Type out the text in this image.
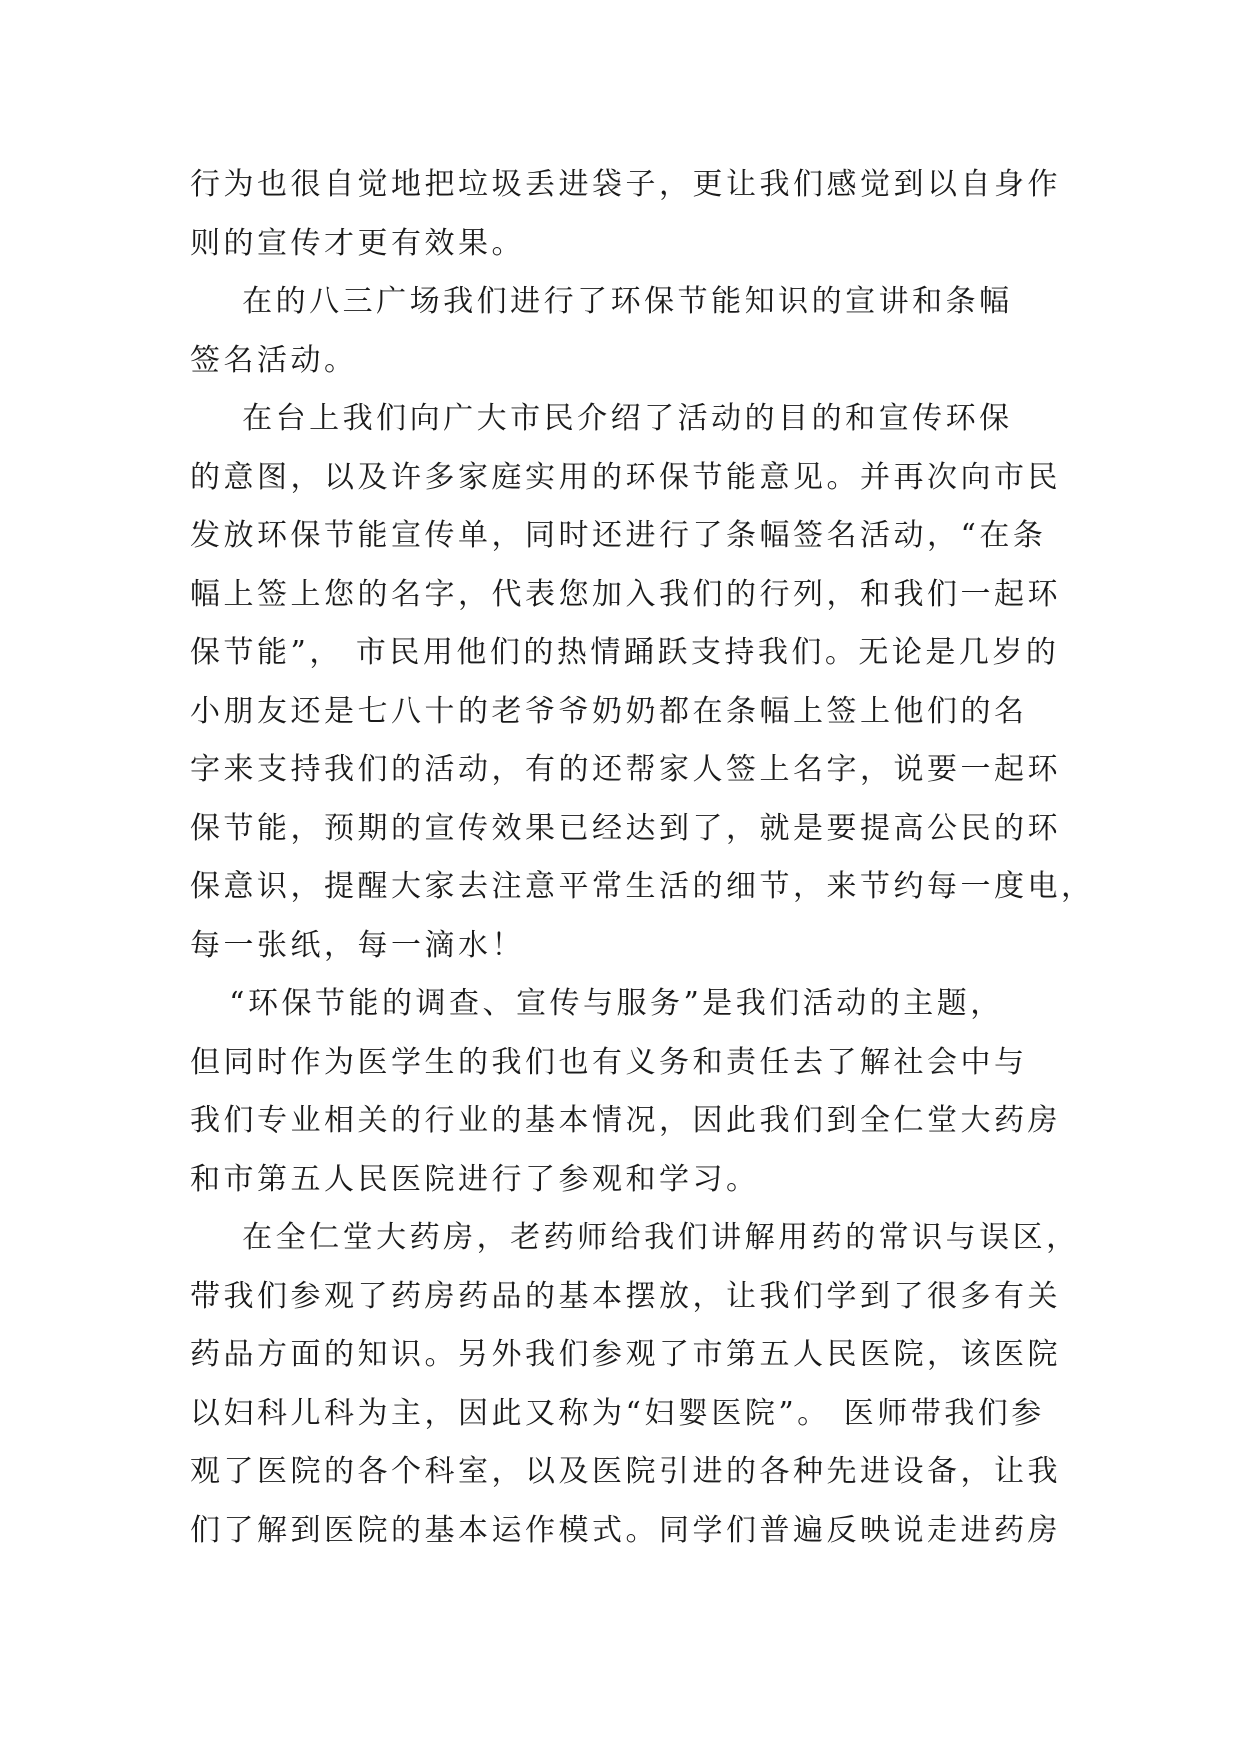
行为也很自觉地把垃圾丢进袋子，更让我们感觉到以自身作
则的宣传才更有效果。
在的八三广场我们进行了环保节能知识的宣讲和条幅
签名活动。
在台上我们向广大市民介绍了活动的目的和宣传环保
的意图，以及许多家庭实用的环保节能意见。并再次向市民
发放环保节能宣传单，同时还进行了条幅签名活动，“在条
幅上签上您的名字，代表您加入我们的行列，和我们一起环
保节能”， 市民用他们的热情踊跃支持我们。无论是几岁的
小朋友还是七八十的老爷爷奶奶都在条幅上签上他们的名
字来支持我们的活动，有的还帮家人签上名字，说要一起环
保节能，预期的宣传效果已经达到了，就是要提高公民的环
保意识，提醒大家去注意平常生活的细节，来节约每一度电，
每一张纸，每一滴水！
“环保节能的调查、宣传与服务”是我们活动的主题，
但同时作为医学生的我们也有义务和责任去了解社会中与
我们专业相关的行业的基本情况，因此我们到全仁堂大药房
和市第五人民医院进行了参观和学习。
在全仁堂大药房，老药师给我们讲解用药的常识与误区，
带我们参观了药房药品的基本摆放，让我们学到了很多有关
药品方面的知识。另外我们参观了市第五人民医院，该医院
以妇科儿科为主，因此又称为“妇婴医院”。 医师带我们参
观了医院的各个科室，以及医院引进的各种先进设备，让我
们了解到医院的基本运作模式。同学们普遍反映说走进药房
